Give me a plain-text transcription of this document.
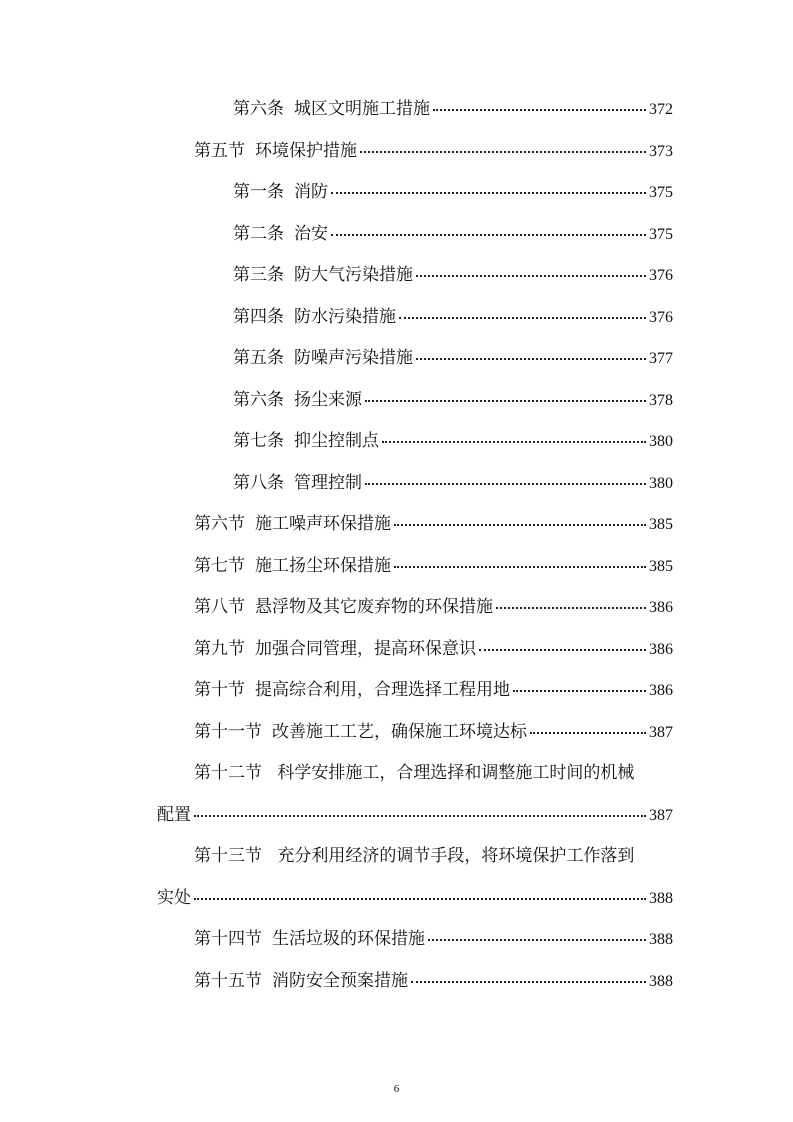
第六条 城区文明施工措施	372
第五节 环境保护措施	373
第一条 消防	375
第二条 治安	375
第三条 防大气污染措施	376
第四条 防水污染措施	376
第五条 防噪声污染措施	377
第六条 扬尘来源	378
第七条 抑尘控制点	380
第八条 管理控制	380
第六节 施工噪声环保措施	385
第七节 施工扬尘环保措施	385
第八节 悬浮物及其它废弃物的环保措施	386
第九节 加强合同管理，提高环保意识	386
第十节 提高综合利用，合理选择工程用地	386
第十一节 改善施工工艺，确保施工环境达标	387
第十二节 科学安排施工，合理选择和调整施工时间的机械
配置	387
第十三节 充分利用经济的调节手段，将环境保护工作落到
实处	388
第十四节 生活垃圾的环保措施	388
第十五节 消防安全预案措施	388
6
